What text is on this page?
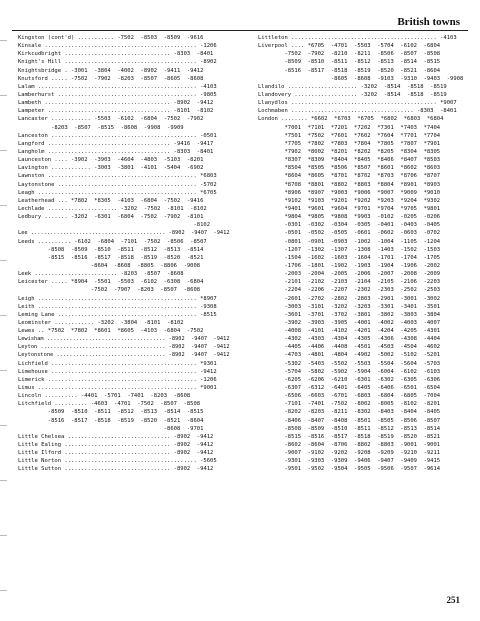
British towns
Kingston (cont'd) ........... -7502  -8503  -8509  -9616
Kinsale .............................................. -1206
Kirkcudbright ................................ -8303  -8401
Knight's Hill ........................................ -8902
Knightsbridge . -3001  -3804  -4002  -8902  -9411  -9412
Knutsford ..... -7502  -7902  -8203  -8507  -8605  -8608
Lalam ................................................ -4103
Lamberhurst .......................................... -9805
Lambeth ...................................... -8902  -9412
Lampeter ..................................... -8101  -8102
Lancaster ............ -5503  -6102  -6804  -7502  -7902
-8203  -8507  -8515  -8608  -9908  -9909
Lanceston ............................................ -0501
Langford ..................................... -9416  -9417
Langholm ..................................... -8303  -8401
Launceston .... -3902  -3903  -4604  -4803  -5103  -8201
Lavington ............ -3003  -3801  -4101  -5404  -6902
Lawnston ............................................. *6803
Laytonstone .......................................... -5702
Leagh ................................................ *6705
Leatherhead ... *7802  *8305  -4103  -6804  -7502  -9416
Lechlade ..................... -3202  -7502  -8101  -8102
Ledbury ....... -3202  -6301  -6804  -7502  -7902  -8101
-8102
Lee .......................................... -8902  -9407  -9412
Leeds .......... -6102  -6804  -7101  -7502  -8506  -8507
-8508  -8509  -8510  -8511  -8512  -8513  -8514
-8515  -8516  -8517  -8518  -8519  -8520  -8521
-8604  -8608  -8805  -8806  -9008
Leek ......................... -8203  -8507  -8608
Leicester ..... *8904  -5501  -5503  -6102  -6308  -6804
-7502  -7907  -8203  -8507  -8608
Leigh ................................................ *8907
Leith ................................................ -9308
Leming Lane .......................................... -8515
Leominster ............ -3202  -3804  -8101  -8102
Lewes .. *7502  *7802  *8601  *8605  -4103  -6804  -7502
Lewisham ..................................... -8902  -9407  -9412
Leyton ....................................... -8902  -9407  -9412
Leytonstone .................................. -8902  -9407  -9412
Lichfield ............................................ *9301
Limehouse ............................................ -9412
Limerick ............................................. -1206
Limus ................................................ *9001
Lincoln .......... -4401  -5701  -7401  -8203  -8608
Litchfield .......... -4603  -4701  -7502  -8507  -8508
-8509  -8510  -8511  -8512  -8513  -8514  -8515
-8516  -8517  -8518  -8519  -8520  -8521  -8604
-8608  -9701
Little Chelsea ............................... -8902  -9412
Little Ealing ................................ -8902  -9412
Little Ilford ................................ -8902  -9412
Little Norton ........................................ -5605
Little Sutton ................................ -8902  -9412
Littleton ............................................ -4103
Liverpool .... *6705  -4701  -5503  -5704  -6102  -6804
-7502  -7902  -8210  -8211  -8506  -8507  -8508
-8509  -8510  -8511  -8512  -8513  -8514  -8515
-8516  -8517  -8518  -8519  -8520  -8521  -8604
-8605  -8608  -9103  -9310  -9403  -9908
Llandilo ..................... -3202  -8514  -8518  -8519
Llandovery ................... -3202  -8514  -8518  -8519
Llanydlos ............................................ *9007
Lochmaben ..................................... -8303  -8401
London ........ *6602  *6703  *6705  *6802  *6803  *6804
*7001  *7101  *7201  *7202  *7301  *7403  *7404
*7501  *7502  *7601  *7602  *7604  *7701  *7704
*7705  *7802  *7803  *7804  *7805  *7807  *7901
*7902  *8002  *8201  *8202  *8205  *8304  *8305
*8307  *8309  *8404  *8405  *8406  *8407  *8503
*8504  *8505  *8506  *8507  *8601  *8602  *8603
*8604  *8605  *8701  *8702  *8703  *8706  *8707
*8708  *8801  *8802  *8803  *8804  *8901  *8903
*8906  *8907  *9003  *9006  *9007  *9009  *9010
*9102  *9103  *9201  *9202  *9203  *9204  *9302
*9401  *9601  *9604  *9701  *9704  *9705  *9801
*9804  *9805  *9808  *9903  -0102  -0205  -0206
-0301  -0302  -0304  -0305  -0401  -0403  -0405
-0501  -0502  -0505  -0601  -0602  -0603  -0702
-0801  -0901  -0903  -1002  -1004  -1105  -1204
-1207  -1302  -1307  -1308  -1403  -1502  -1503
-1504  -1602  -1603  -1604  -1701  -1704  -1705
-1706  -1801  -1902  -1903  -1904  -1906  -2002
-2003  -2004  -2005  -2006  -2007  -2008  -2009
-2101  -2102  -2103  -2104  -2105  -2106  -2203
-2204  -2206  -2207  -2302  -2303  -2502  -2503
-2601  -2702  -2802  -2803  -2901  -3001  -3002
-3003  -3101  -3202  -3203  -3301  -3401  -3501
-3601  -3701  -3702  -3801  -3802  -3803  -3804
-3902  -3903  -3905  -4001  -4002  -4003  -4007
-4008  -4101  -4102  -4201  -4204  -4205  -4301
-4302  -4303  -4304  -4305  -4306  -4308  -4404
-4405  -4406  -4408  -4501  -4503  -4504  -4602
-4703  -4801  -4804  -4902  -5002  -5102  -5201
-5302  -5403  -5502  -5503  -5504  -5604  -5703
-5704  -5802  -5902  -5904  -6004  -6102  -6103
-6205  -6206  -6210  -6301  -6302  -6305  -6306
-6307  -6312  -6401  -6405  -6406  -6501  -6504
-6506  -6603  -6701  -6803  -6804  -6805  -7004
-7101  -7401  -7502  -8002  -8005  -8102  -8201
-8202  -8203  -8211  -8302  -8403  -8404  -8405
-8406  -8407  -8408  -8501  -8505  -8506  -8507
-8508  -8509  -8510  -8511  -8512  -8513  -8514
-8515  -8516  -8517  -8518  -8519  -8520  -8521
-8602  -8604  -8706  -8802  -8803  -9001  -9001
-9007  -9102  -9202  -9208  -9209  -9210  -9211
-9301  -9303  -9309  -9406  -9407  -9409  -9415
-9501  -9502  -9504  -9505  -9506  -9507  -9614
251
